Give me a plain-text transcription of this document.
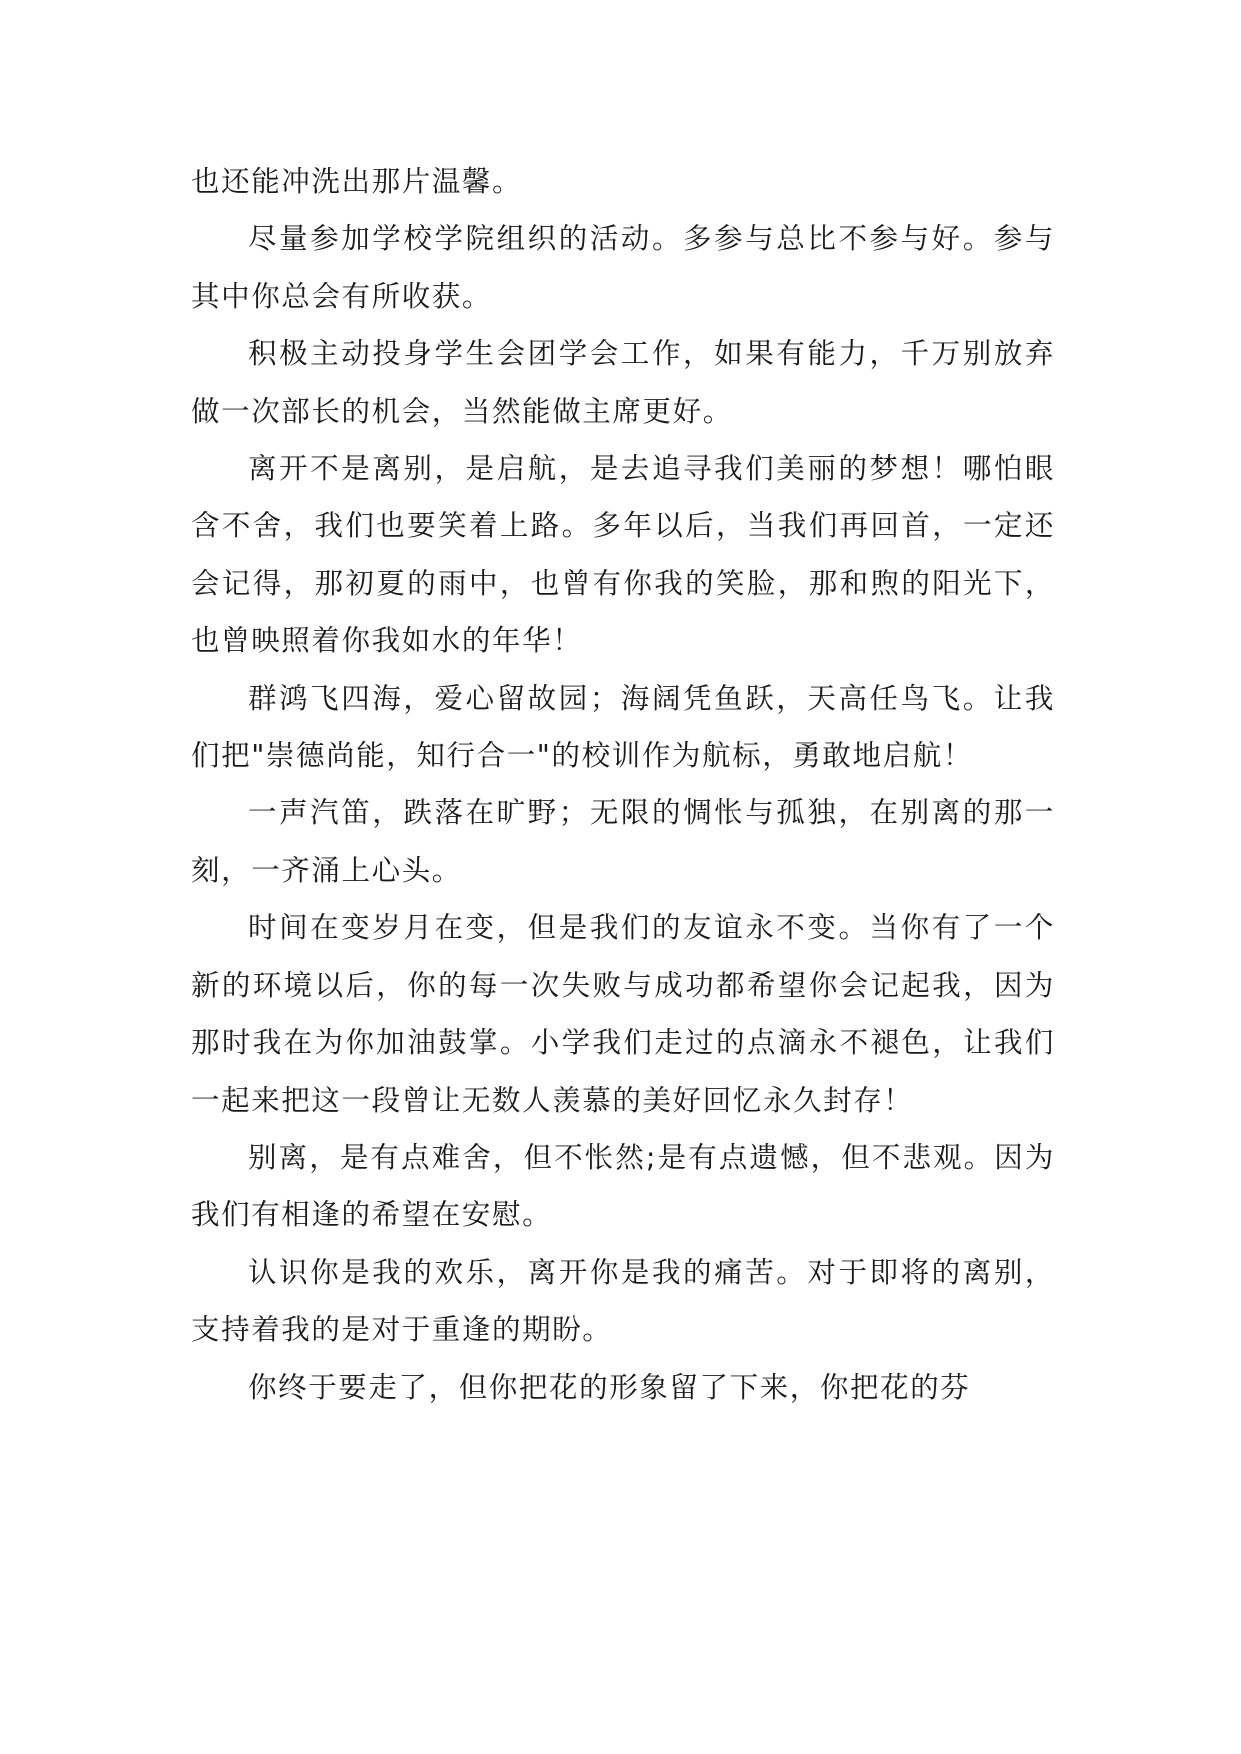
也还能冲洗出那片温馨。

尽量参加学校学院组织的活动。多参与总比不参与好。参与其中你总会有所收获。

积极主动投身学生会团学会工作，如果有能力，千万别放弃做一次部长的机会，当然能做主席更好。

离开不是离别，是启航，是去追寻我们美丽的梦想！哪怕眼含不舍，我们也要笑着上路。多年以后，当我们再回首，一定还会记得，那初夏的雨中，也曾有你我的笑脸，那和煦的阳光下，也曾映照着你我如水的年华！

群鸿飞四海，爱心留故园；海阔凭鱼跃，天高任鸟飞。让我们把"崇德尚能，知行合一"的校训作为航标，勇敢地启航！

一声汽笛，跌落在旷野；无限的惆怅与孤独，在别离的那一刻，一齐涌上心头。

时间在变岁月在变，但是我们的友谊永不变。当你有了一个新的环境以后，你的每一次失败与成功都希望你会记起我，因为那时我在为你加油鼓掌。小学我们走过的点滴永不褪色，让我们一起来把这一段曾让无数人羡慕的美好回忆永久封存！

别离，是有点难舍，但不怅然;是有点遗憾，但不悲观。因为我们有相逢的希望在安慰。

认识你是我的欢乐，离开你是我的痛苦。对于即将的离别，支持着我的是对于重逢的期盼。

你终于要走了，但你把花的形象留了下来，你把花的芬
